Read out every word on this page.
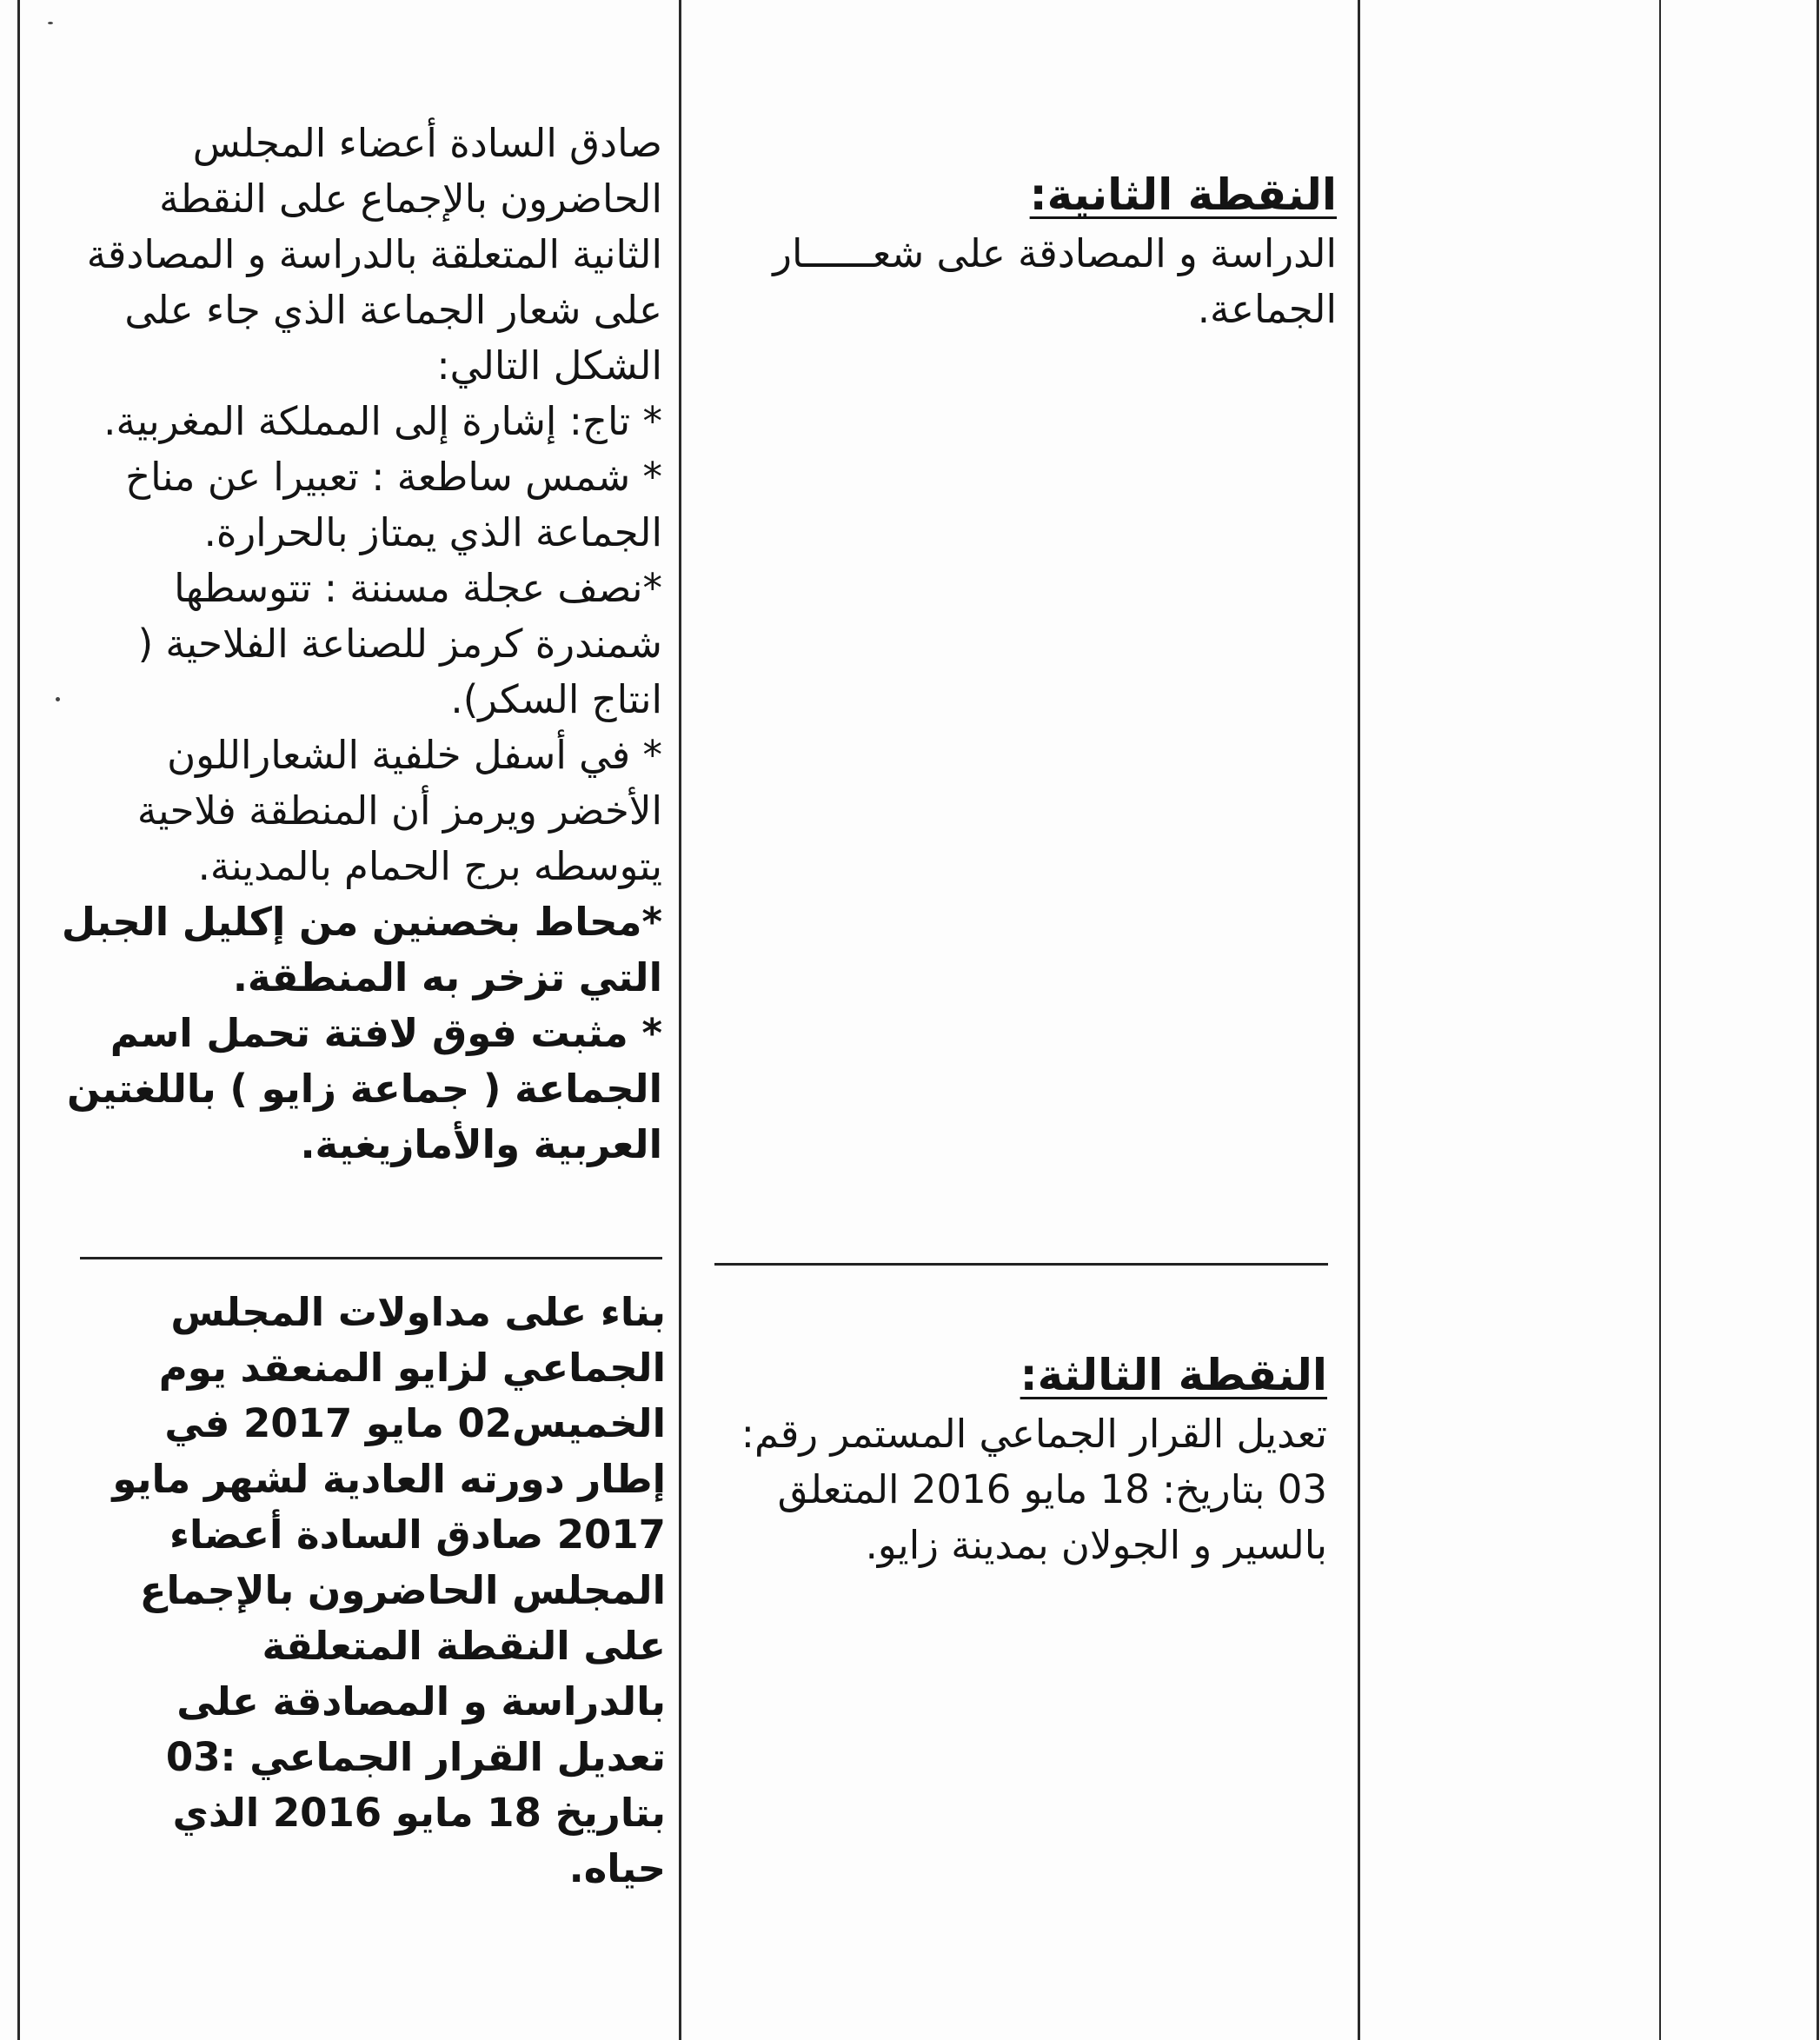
النقطة الثانية:

الدراسة و المصادقة على شعــــــار الجماعة.

صادق السادة أعضاء المجلس الحاضرون بالإجماع على النقطة الثانية المتعلقة بالدراسة و المصادقة على شعار الجماعة الذي جاء على الشكل التالي:

* تاج: إشارة إلى المملكة المغربية.

* شمس ساطعة : تعبيرا عن مناخ الجماعة الذي يمتاز بالحرارة.

*نصف عجلة مسننة : تتوسطها شمندرة كرمز للصناعة الفلاحية ( انتاج السكر).

* في أسفل خلفية الشعاراللون الأخضر ويرمز أن المنطقة فلاحية يتوسطه برج الحمام بالمدينة.

*محاط بخصنين من إكليل الجبل التي تزخر به المنطقة.

* مثبت فوق لافتة تحمل اسم الجماعة ( جماعة زايو ) باللغتين العربية والأمازيغية.

النقطة الثالثة:

تعديل القرار الجماعي المستمر رقم: 03 بتاريخ: 18 مايو 2016 المتعلق بالسير و الجولان بمدينة زايو.

بناء على مداولات المجلس الجماعي لزايو المنعقد يوم الخميس02 مايو 2017 في إطار دورته العادية لشهر مايو 2017 صادق السادة أعضاء المجلس الحاضرون بالإجماع على النقطة المتعلقة بالدراسة و المصادقة على تعديل القرار الجماعي :03 بتاريخ 18 مايو 2016 الذي حياه.
